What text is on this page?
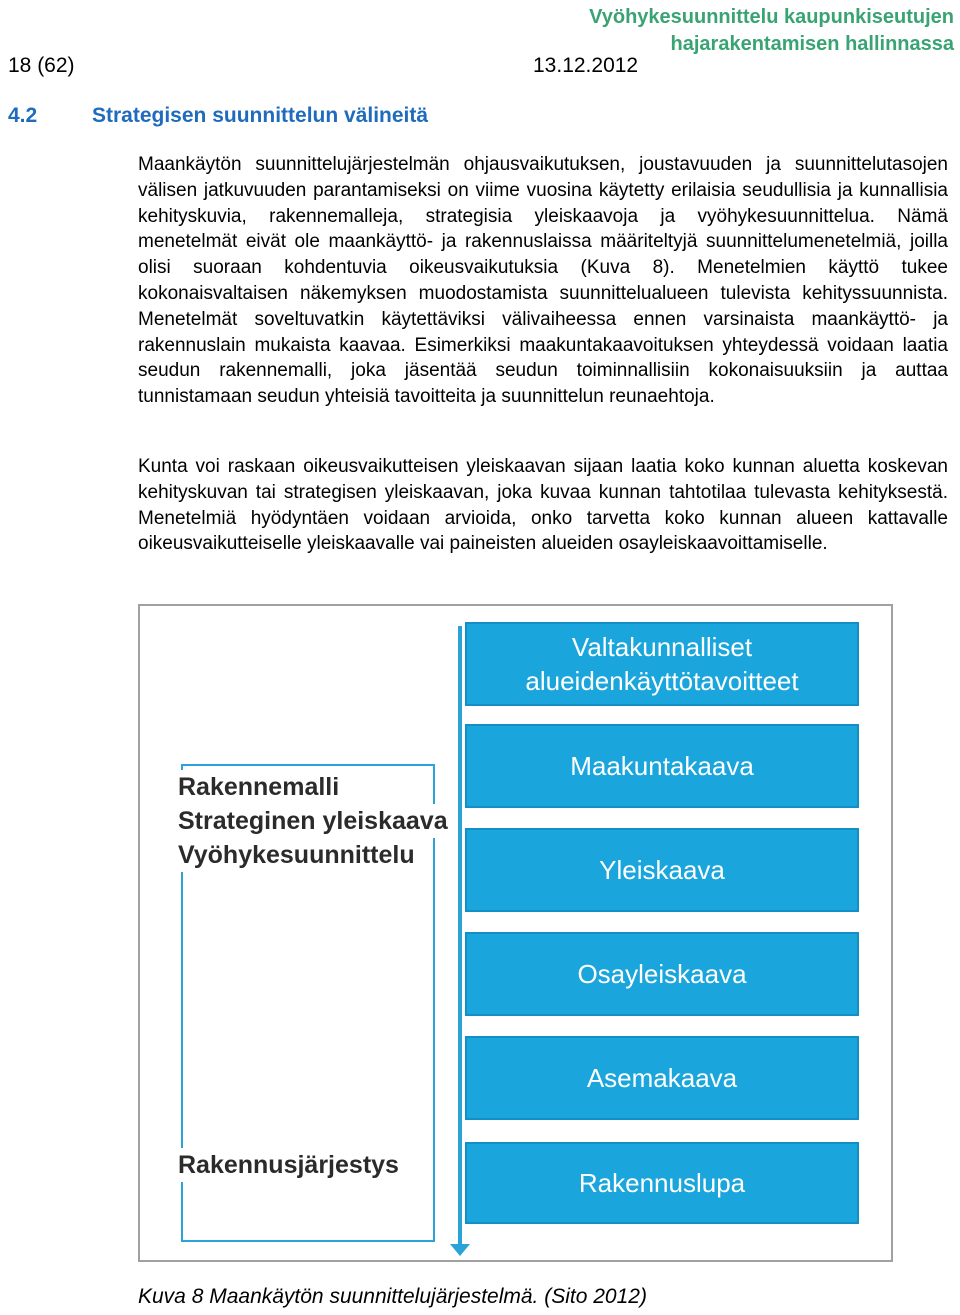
Vyöhykesuunnittelu kaupunkiseutujen
hajarakentamisen hallinnassa
18 (62)	13.12.2012
4.2	Strategisen suunnittelun välineitä

Maankäytön suunnittelujärjestelmän ohjausvaikutuksen, joustavuuden ja suunnittelutasojen välisen jatkuvuuden parantamiseksi on viime vuosina käytetty erilaisia seudullisia ja kunnallisia kehityskuvia, rakennemalleja, strategisia yleiskaavoja ja vyöhykesuunnittelua. Nämä menetelmät eivät ole maankäyttö- ja rakennuslaissa määriteltyjä suunnittelumenetelmiä, joilla olisi suoraan kohdentuvia oikeusvaikutuksia (Kuva 8). Menetelmien käyttö tukee kokonaisvaltaisen näkemyksen muodostamista suunnittelualueen tulevista kehityssuunnista. Menetelmät soveltuvatkin käytettäviksi välivaiheessa ennen varsinaista maankäyttö- ja rakennuslain mukaista kaavaa. Esimerkiksi maakuntakaavoituksen yhteydessä voidaan laatia seudun rakennemalli, joka jäsentää seudun toiminnallisiin kokonaisuuksiin ja auttaa tunnistamaan seudun yhteisiä tavoitteita ja suunnittelun reunaehtoja.

Kunta voi raskaan oikeusvaikutteisen yleiskaavan sijaan laatia koko kunnan aluetta koskevan kehityskuvan tai strategisen yleiskaavan, joka kuvaa kunnan tahtotilaa tulevasta kehityksestä. Menetelmiä hyödyntäen voidaan arvioida, onko tarvetta koko kunnan alueen kattavalle oikeusvaikutteiselle yleiskaavalle vai paineisten alueiden osayleiskaavoittamiselle.

Valtakunnalliset alueidenkäyttötavoitteet
Maakuntakaava
Yleiskaava
Osayleiskaava
Asemakaava
Rakennuslupa
Rakennemalli
Strateginen yleiskaava
Vyöhykesuunnittelu
Rakennusjärjestys
Kuva 8 Maankäytön suunnittelujärjestelmä. (Sito 2012)
